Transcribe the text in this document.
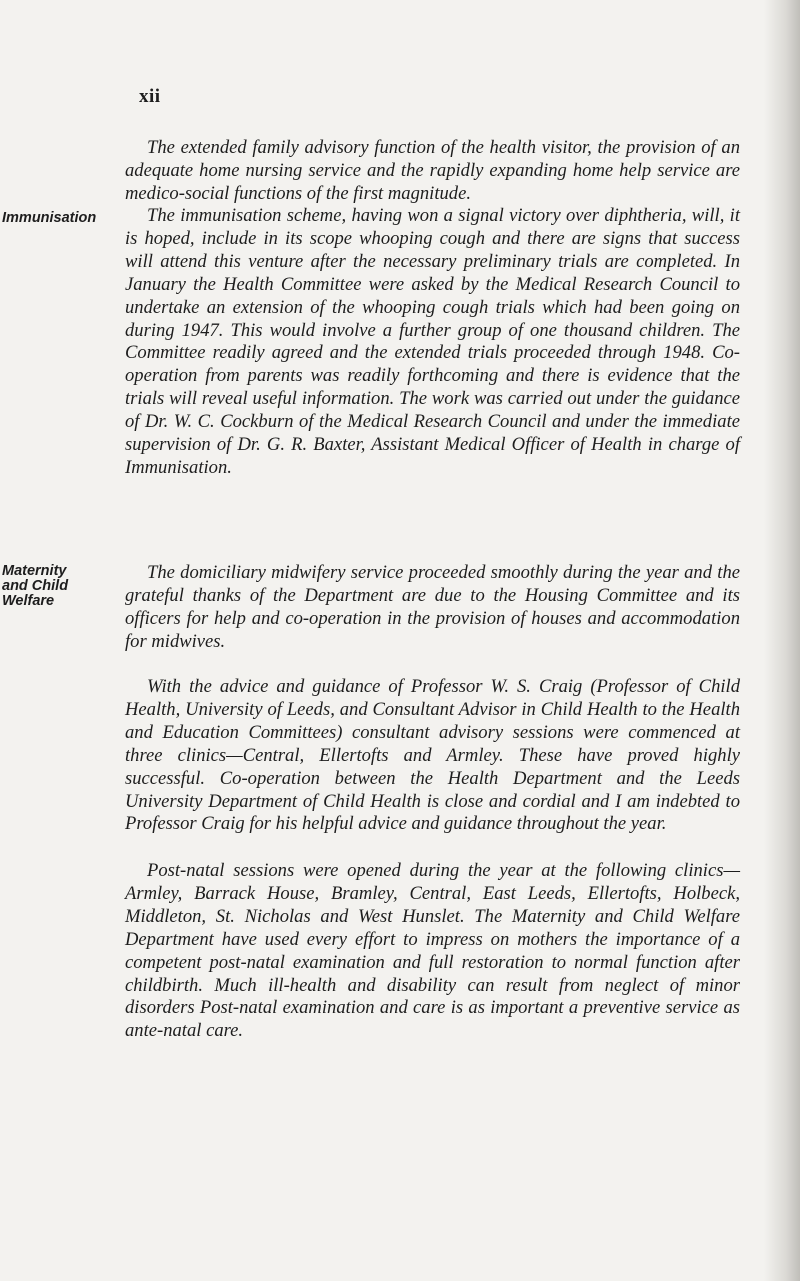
xii

The extended family advisory function of the health visitor, the provision of an adequate home nursing service and the rapidly expanding home help service are medico-social functions of the first magnitude.

Immunisation	The immunisation scheme, having won a signal victory over diphtheria, will, it is hoped, include in its scope whooping cough and there are signs that success will attend this venture after the necessary preliminary trials are completed. In January the Health Committee were asked by the Medical Research Council to undertake an extension of the whooping cough trials which had been going on during 1947. This would involve a further group of one thousand children. The Committee readily agreed and the extended trials proceeded through 1948. Co-operation from parents was readily forthcoming and there is evidence that the trials will reveal useful information. The work was carried out under the guidance of Dr. W. C. Cockburn of the Medical Research Council and under the immediate supervision of Dr. G. R. Baxter, Assistant Medical Officer of Health in charge of Immunisation.

Maternity
and Child
Welfare

The domiciliary midwifery service proceeded smoothly during the year and the grateful thanks of the Department are due to the Housing Committee and its officers for help and co-operation in the provision of houses and accommodation for midwives.

With the advice and guidance of Professor W. S. Craig (Professor of Child Health, University of Leeds, and Consultant Advisor in Child Health to the Health and Education Committees) consultant advisory sessions were commenced at three clinics—Central, Ellertofts and Armley. These have proved highly successful. Co-operation between the Health Department and the Leeds University Department of Child Health is close and cordial and I am indebted to Professor Craig for his helpful advice and guidance throughout the year.

Post-natal sessions were opened during the year at the following clinics—Armley, Barrack House, Bramley, Central, East Leeds, Ellertofts, Holbeck, Middleton, St. Nicholas and West Hunslet. The Maternity and Child Welfare Department have used every effort to impress on mothers the importance of a competent post-natal examination and full restoration to normal function after childbirth. Much ill-health and disability can result from neglect of minor disorders Post-natal examination and care is as important a preventive service as ante-natal care.
